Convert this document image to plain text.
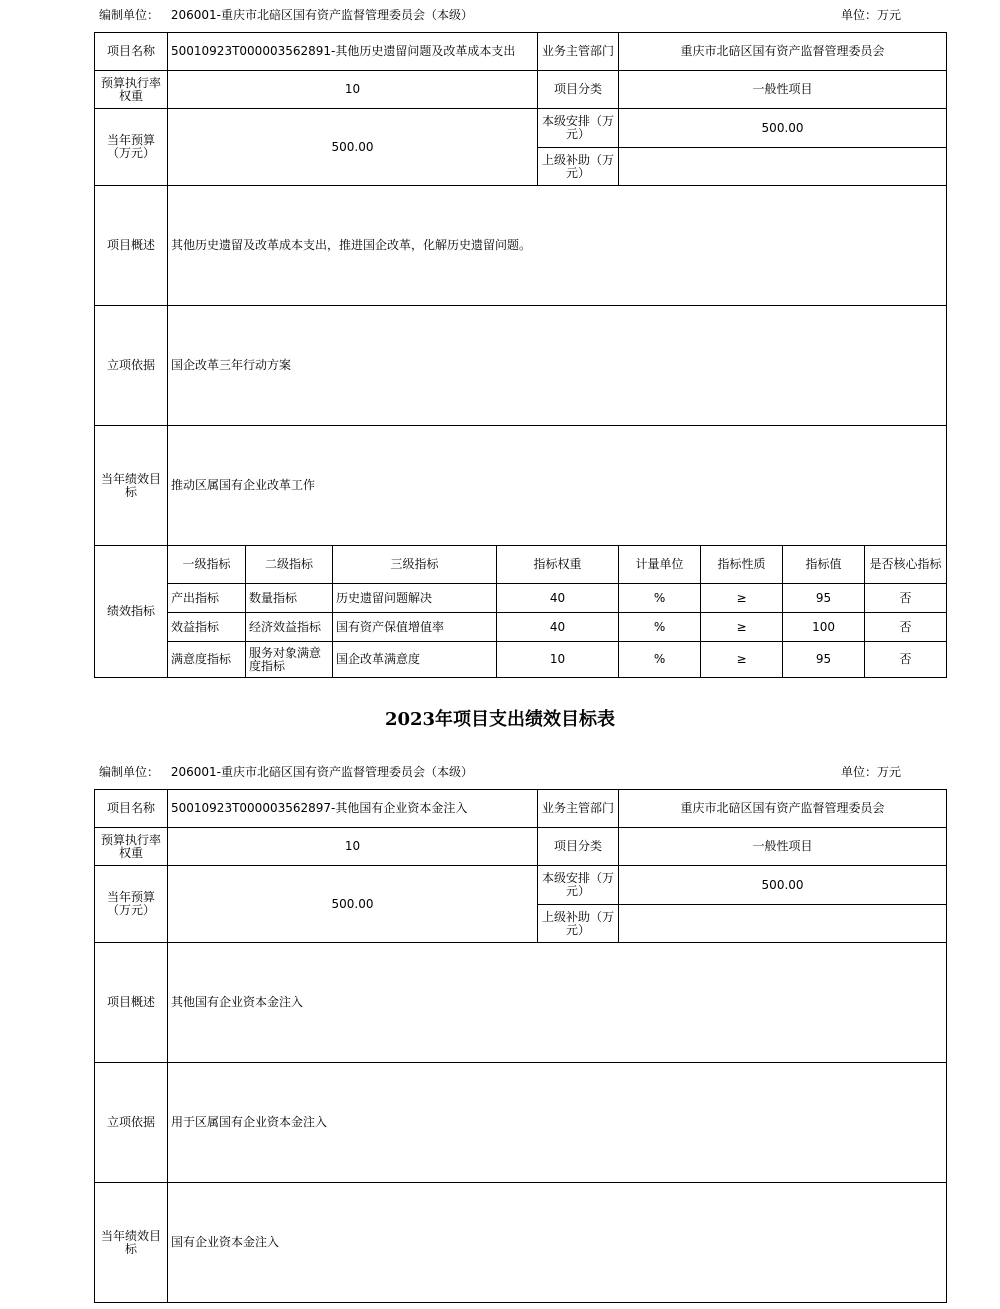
编制单位： 206001-重庆市北碚区国有资产监督管理委员会（本级）	单位：万元
项目名称	50010923T000003562891-其他历史遗留问题及改革成本支出				业务主管部门	重庆市北碚区国有资产监督管理委员会			
预算执行率权重	10				项目分类	一般性项目			
当年预算（万元）	500.00				本级安排（万元）	500.00			
					上级补助（万元）				
项目概述	其他历史遗留及改革成本支出，推进国企改革，化解历史遗留问题。								
立项依据	国企改革三年行动方案								
当年绩效目标	推动区属国有企业改革工作								
绩效指标	一级指标	二级指标	三级指标	指标权重		计量单位	指标性质	指标值	是否核心指标
	产出指标	数量指标	历史遗留问题解决	40		%	≥	95	否
	效益指标	经济效益指标	国有资产保值增值率	40		%	≥	100	否
	满意度指标	服务对象满意度指标	国企改革满意度	10		%	≥	95	否
2023年项目支出绩效目标表
编制单位： 206001-重庆市北碚区国有资产监督管理委员会（本级）	单位：万元
项目名称	50010923T000003562897-其他国有企业资本金注入	业务主管部门	重庆市北碚区国有资产监督管理委员会
预算执行率权重	10	项目分类	一般性项目
当年预算（万元）	500.00	本级安排（万元）	500.00
		上级补助（万元）	
项目概述	其他国有企业资本金注入		
立项依据	用于区属国有企业资本金注入		
当年绩效目标	国有企业资本金注入		
